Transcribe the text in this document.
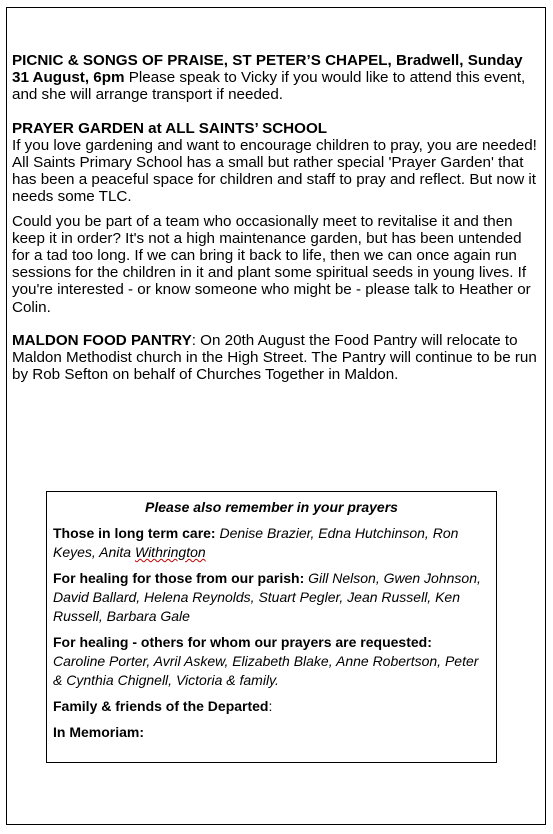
PICNIC & SONGS OF PRAISE, ST PETER’S CHAPEL, Bradwell, Sunday 31 August, 6pm Please speak to Vicky if you would like to attend this event, and she will arrange transport if needed.

PRAYER GARDEN at ALL SAINTS’ SCHOOL
If you love gardening and want to encourage children to pray, you are needed! All Saints Primary School has a small but rather special 'Prayer Garden' that has been a peaceful space for children and staff to pray and reflect. But now it needs some TLC.

Could you be part of a team who occasionally meet to revitalise it and then keep it in order? It's not a high maintenance garden, but has been untended for a tad too long. If we can bring it back to life, then we can once again run sessions for the children in it and plant some spiritual seeds in young lives. If you're interested - or know someone who might be - please talk to Heather or Colin.

MALDON FOOD PANTRY: On 20th August the Food Pantry will relocate to Maldon Methodist church in the High Street. The Pantry will continue to be run by Rob Sefton on behalf of Churches Together in Maldon.

Please also remember in your prayers
Those in long term care: Denise Brazier, Edna Hutchinson, Ron Keyes, Anita Withrington
For healing for those from our parish: Gill Nelson, Gwen Johnson, David Ballard, Helena Reynolds, Stuart Pegler, Jean Russell, Ken Russell, Barbara Gale
For healing - others for whom our prayers are requested:
Caroline Porter, Avril Askew, Elizabeth Blake, Anne Robertson, Peter & Cynthia Chignell, Victoria & family.
Family & friends of the Departed:
In Memoriam:
